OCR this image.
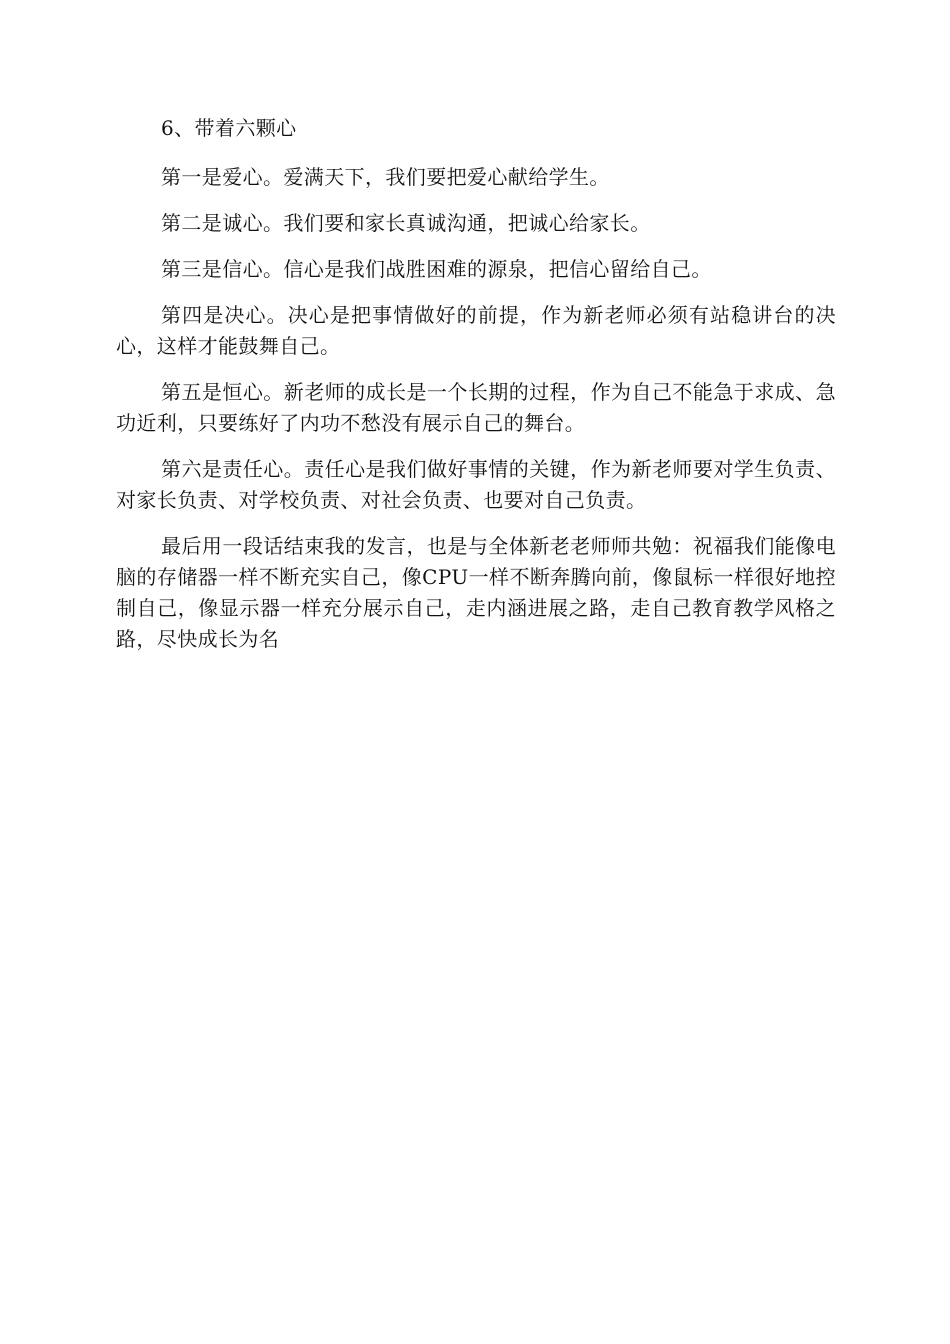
6、带着六颗心

第一是爱心。爱满天下，我们要把爱心献给学生。

第二是诚心。我们要和家长真诚沟通，把诚心给家长。

第三是信心。信心是我们战胜困难的源泉，把信心留给自己。

第四是决心。决心是把事情做好的前提，作为新老师必须有站稳讲台的决心，这样才能鼓舞自己。

第五是恒心。新老师的成长是一个长期的过程，作为自己不能急于求成、急功近利，只要练好了内功不愁没有展示自己的舞台。

第六是责任心。责任心是我们做好事情的关键，作为新老师要对学生负责、对家长负责、对学校负责、对社会负责、也要对自己负责。

最后用一段话结束我的发言，也是与全体新老老师师共勉：祝福我们能像电脑的存储器一样不断充实自己，像CPU一样不断奔腾向前，像鼠标一样很好地控制自己，像显示器一样充分展示自己，走内涵进展之路，走自己教育教学风格之路，尽快成长为名
